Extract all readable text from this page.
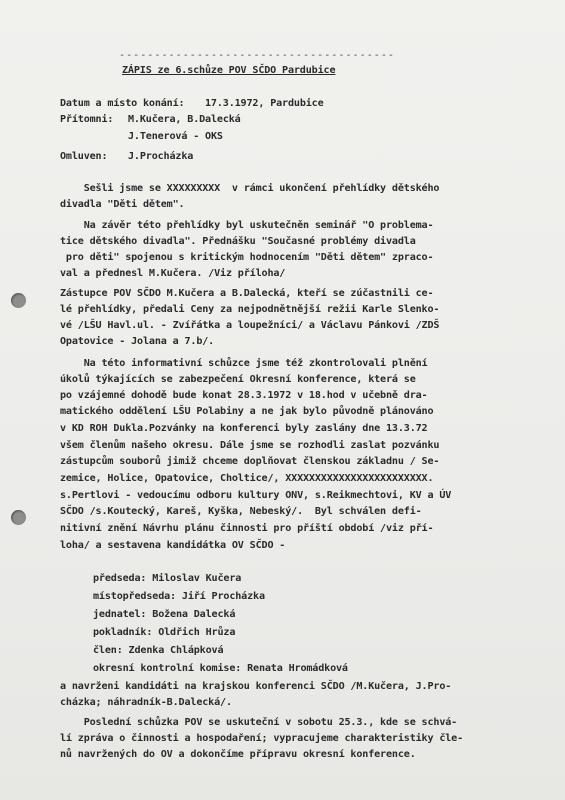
---------------------------------------
ZÁPIS ze 6.schůze POV SČDO Pardubice
Datum a místo konání: 17.3.1972, Pardubice
Přítomni: M.Kučera, B.Dalecká
J.Tenerová - OKS
Omluven: J.Procházka
Sešli jsme se XXXXXXXXX  v rámci ukončení přehlídky dětského
divadla "Děti dětem".
Na závěr této přehlídky byl uskutečněn seminář "O problema-
tice dětského divadla". Přednášku "Současné problémy divadla
pro děti" spojenou s kritickým hodnocením "Děti dětem" zpraco-
val a přednesl M.Kučera. /Viz příloha/
Zástupce POV SČDO M.Kučera a B.Dalecká, kteří se zúčastnili ce-
lé přehlídky, předali Ceny za nejpodnětnější režii Karle Slenko-
vé /LŠU Havl.ul. - Zvířátka a loupežníci/ a Václavu Pánkovi /ZDŠ
Opatovice - Jolana a 7.b/.
Na této informativní schůzce jsme též zkontrolovali plnění
úkolů týkajících se zabezpečení Okresní konference, která se
po vzájemné dohodě bude konat 28.3.1972 v 18.hod v učebně dra-
matického oddělení LŠU Polabiny a ne jak bylo původně plánováno
v KD ROH Dukla.Pozvánky na konferenci byly zaslány dne 13.3.72
všem členům našeho okresu. Dále jsme se rozhodli zaslat pozvánku
zástupcům souborů jimiž chceme doplňovat členskou základnu / Se-
zemice, Holice, Opatovice, Choltice/, XXXXXXXXXXXXXXXXXXXXXXXX.
s.Pertlovi - vedoucímu odboru kultury ONV, s.Reikmechtovi, KV a ÚV
SČDO /s.Koutecký, Kareš, Kyška, Nebeský/.  Byl schválen defi-
nitivní znění Návrhu plánu činnosti pro příští období /viz pří-
loha/ a sestavena kandidátka OV SČDO -
předseda: Miloslav Kučera
místopředseda: Jiří Procházka
jednatel: Božena Dalecká
pokladník: Oldřich Hrůza
člen: Zdenka Chlápková
okresní kontrolní komise: Renata Hromádková
a navrženi kandidáti na krajskou konferenci SČDO /M.Kučera, J.Pro-
cházka; náhradník-B.Dalecká/.
Poslední schůzka POV se uskuteční v sobotu 25.3., kde se schvá-
lí zpráva o činnosti a hospodaření; vypracujeme charakteristiky čle-
nů navržených do OV a dokončíme přípravu okresní konference.
